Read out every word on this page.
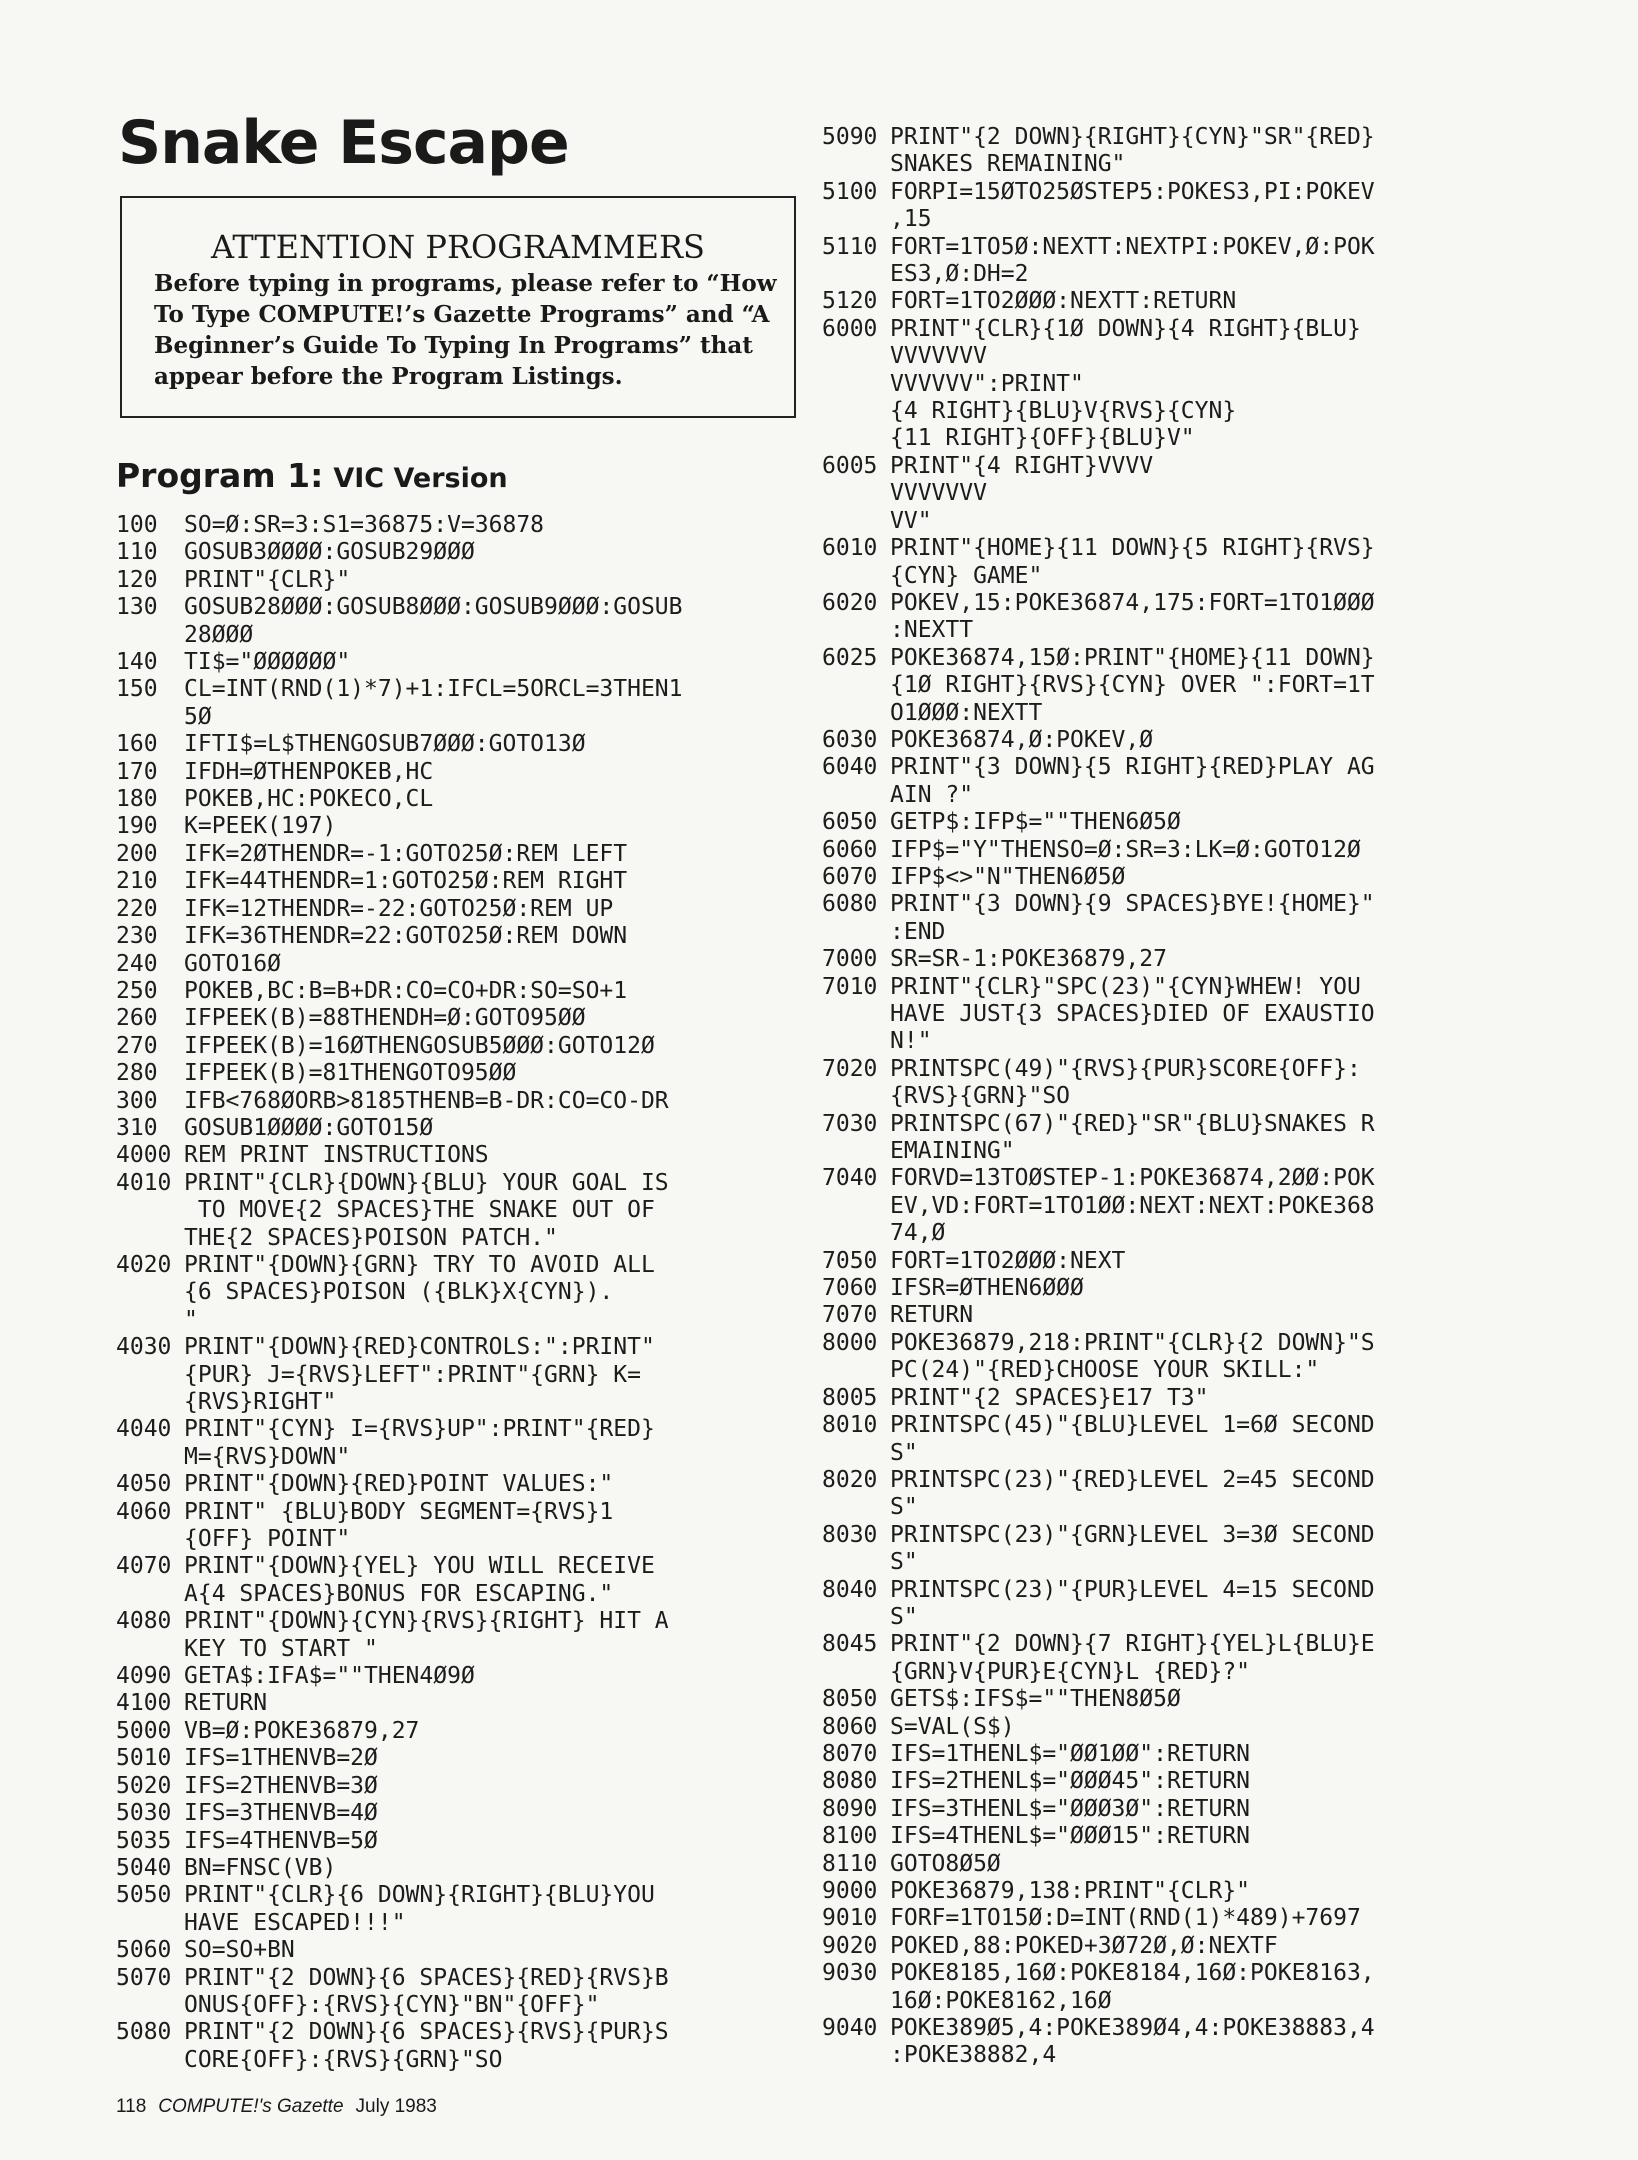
Snake Escape
ATTENTION PROGRAMMERS
Before typing in programs, please refer to “How To Type COMPUTE!’s Gazette Programs” and “A Beginner’s Guide To Typing In Programs” that appear before the Program Listings.
Program 1: VIC Version
100	SO=Ø:SR=3:S1=36875:V=36878
110	GOSUB3ØØØØ:GOSUB29ØØØ
120	PRINT"{CLR}"
130	GOSUB28ØØØ:GOSUB8ØØØ:GOSUB9ØØØ:GOSUB
28ØØØ
140	TI$="ØØØØØØ"
150	CL=INT(RND(1)*7)+1:IFCL=5ORCL=3THEN1
5Ø
160	IFTI$=L$THENGOSUB7ØØØ:GOTO13Ø
170	IFDH=ØTHENPOKEB,HC
180	POKEB,HC:POKECO,CL
190	K=PEEK(197)
200	IFK=2ØTHENDR=-1:GOTO25Ø:REM LEFT
210	IFK=44THENDR=1:GOTO25Ø:REM RIGHT
220	IFK=12THENDR=-22:GOTO25Ø:REM UP
230	IFK=36THENDR=22:GOTO25Ø:REM DOWN
240	GOTO16Ø
250	POKEB,BC:B=B+DR:CO=CO+DR:SO=SO+1
260	IFPEEK(B)=88THENDH=Ø:GOTO95ØØ
270	IFPEEK(B)=16ØTHENGOSUB5ØØØ:GOTO12Ø
280	IFPEEK(B)=81THENGOTO95ØØ
300	IFB<768ØORB>8185THENB=B-DR:CO=CO-DR
310	GOSUB1ØØØØ:GOTO15Ø
4000 REM PRINT INSTRUCTIONS
4010 PRINT"{CLR}{DOWN}{BLU} YOUR GOAL IS
TO MOVE{2 SPACES}THE SNAKE OUT OF
THE{2 SPACES}POISON PATCH."
4020 PRINT"{DOWN}{GRN} TRY TO AVOID ALL
{6 SPACES}POISON ({BLK}X{CYN}).
"
4030 PRINT"{DOWN}{RED}CONTROLS:":PRINT"
{PUR} J={RVS}LEFT":PRINT"{GRN} K=
{RVS}RIGHT"
4040 PRINT"{CYN} I={RVS}UP":PRINT"{RED}
M={RVS}DOWN"
4050 PRINT"{DOWN}{RED}POINT VALUES:"
4060 PRINT" {BLU}BODY SEGMENT={RVS}1
{OFF} POINT"
4070 PRINT"{DOWN}{YEL} YOU WILL RECEIVE
A{4 SPACES}BONUS FOR ESCAPING."
4080 PRINT"{DOWN}{CYN}{RVS}{RIGHT} HIT A
KEY TO START "
4090 GETA$:IFA$=""THEN4Ø9Ø
4100 RETURN
5000 VB=Ø:POKE36879,27
5010 IFS=1THENVB=2Ø
5020 IFS=2THENVB=3Ø
5030 IFS=3THENVB=4Ø
5035 IFS=4THENVB=5Ø
5040 BN=FNSC(VB)
5050 PRINT"{CLR}{6 DOWN}{RIGHT}{BLU}YOU
HAVE ESCAPED!!!"
5060 SO=SO+BN
5070 PRINT"{2 DOWN}{6 SPACES}{RED}{RVS}B
ONUS{OFF}:{RVS}{CYN}"BN"{OFF}"
5080 PRINT"{2 DOWN}{6 SPACES}{RVS}{PUR}S
CORE{OFF}:{RVS}{GRN}"SO
5090 PRINT"{2 DOWN}{RIGHT}{CYN}"SR"{RED}
SNAKES REMAINING"
5100 FORPI=15ØTO25ØSTEP5:POKES3,PI:POKEV
,15
5110 FORT=1TO5Ø:NEXTT:NEXTPI:POKEV,Ø:POK
ES3,Ø:DH=2
5120 FORT=1TO2ØØØ:NEXTT:RETURN
6000 PRINT"{CLR}{1Ø DOWN}{4 RIGHT}{BLU}
VVVVVVV
VVVVVV":PRINT"
{4 RIGHT}{BLU}V{RVS}{CYN}
{11 RIGHT}{OFF}{BLU}V"
6005 PRINT"{4 RIGHT}VVVV
VVVVVVV
VV"
6010 PRINT"{HOME}{11 DOWN}{5 RIGHT}{RVS}
{CYN} GAME"
6020 POKEV,15:POKE36874,175:FORT=1TO1ØØØ
:NEXTT
6025 POKE36874,15Ø:PRINT"{HOME}{11 DOWN}
{1Ø RIGHT}{RVS}{CYN} OVER ":FORT=1T
O1ØØØ:NEXTT
6030 POKE36874,Ø:POKEV,Ø
6040 PRINT"{3 DOWN}{5 RIGHT}{RED}PLAY AG
AIN ?"
6050 GETP$:IFP$=""THEN6Ø5Ø
6060 IFP$="Y"THENSO=Ø:SR=3:LK=Ø:GOTO12Ø
6070 IFP$<>"N"THEN6Ø5Ø
6080 PRINT"{3 DOWN}{9 SPACES}BYE!{HOME}"
:END
7000 SR=SR-1:POKE36879,27
7010 PRINT"{CLR}"SPC(23)"{CYN}WHEW! YOU
HAVE JUST{3 SPACES}DIED OF EXAUSTIO
N!"
7020 PRINTSPC(49)"{RVS}{PUR}SCORE{OFF}:
{RVS}{GRN}"SO
7030 PRINTSPC(67)"{RED}"SR"{BLU}SNAKES R
EMAINING"
7040 FORVD=13TOØSTEP-1:POKE36874,2ØØ:POK
EV,VD:FORT=1TO1ØØ:NEXT:NEXT:POKE368
74,Ø
7050 FORT=1TO2ØØØ:NEXT
7060 IFSR=ØTHEN6ØØØ
7070 RETURN
8000 POKE36879,218:PRINT"{CLR}{2 DOWN}"S
PC(24)"{RED}CHOOSE YOUR SKILL:"
8005 PRINT"{2 SPACES}E17 T3"
8010 PRINTSPC(45)"{BLU}LEVEL 1=6Ø SECOND
S"
8020 PRINTSPC(23)"{RED}LEVEL 2=45 SECOND
S"
8030 PRINTSPC(23)"{GRN}LEVEL 3=3Ø SECOND
S"
8040 PRINTSPC(23)"{PUR}LEVEL 4=15 SECOND
S"
8045 PRINT"{2 DOWN}{7 RIGHT}{YEL}L{BLU}E
{GRN}V{PUR}E{CYN}L {RED}?"
8050 GETS$:IFS$=""THEN8Ø5Ø
8060 S=VAL(S$)
8070 IFS=1THENL$="ØØ1ØØ":RETURN
8080 IFS=2THENL$="ØØØ45":RETURN
8090 IFS=3THENL$="ØØØ3Ø":RETURN
8100 IFS=4THENL$="ØØØ15":RETURN
8110 GOTO8Ø5Ø
9000 POKE36879,138:PRINT"{CLR}"
9010 FORF=1TO15Ø:D=INT(RND(1)*489)+7697
9020 POKED,88:POKED+3Ø72Ø,Ø:NEXTF
9030 POKE8185,16Ø:POKE8184,16Ø:POKE8163,
16Ø:POKE8162,16Ø
9040 POKE389Ø5,4:POKE389Ø4,4:POKE38883,4
:POKE38882,4
118 COMPUTE!'s Gazette July 1983
